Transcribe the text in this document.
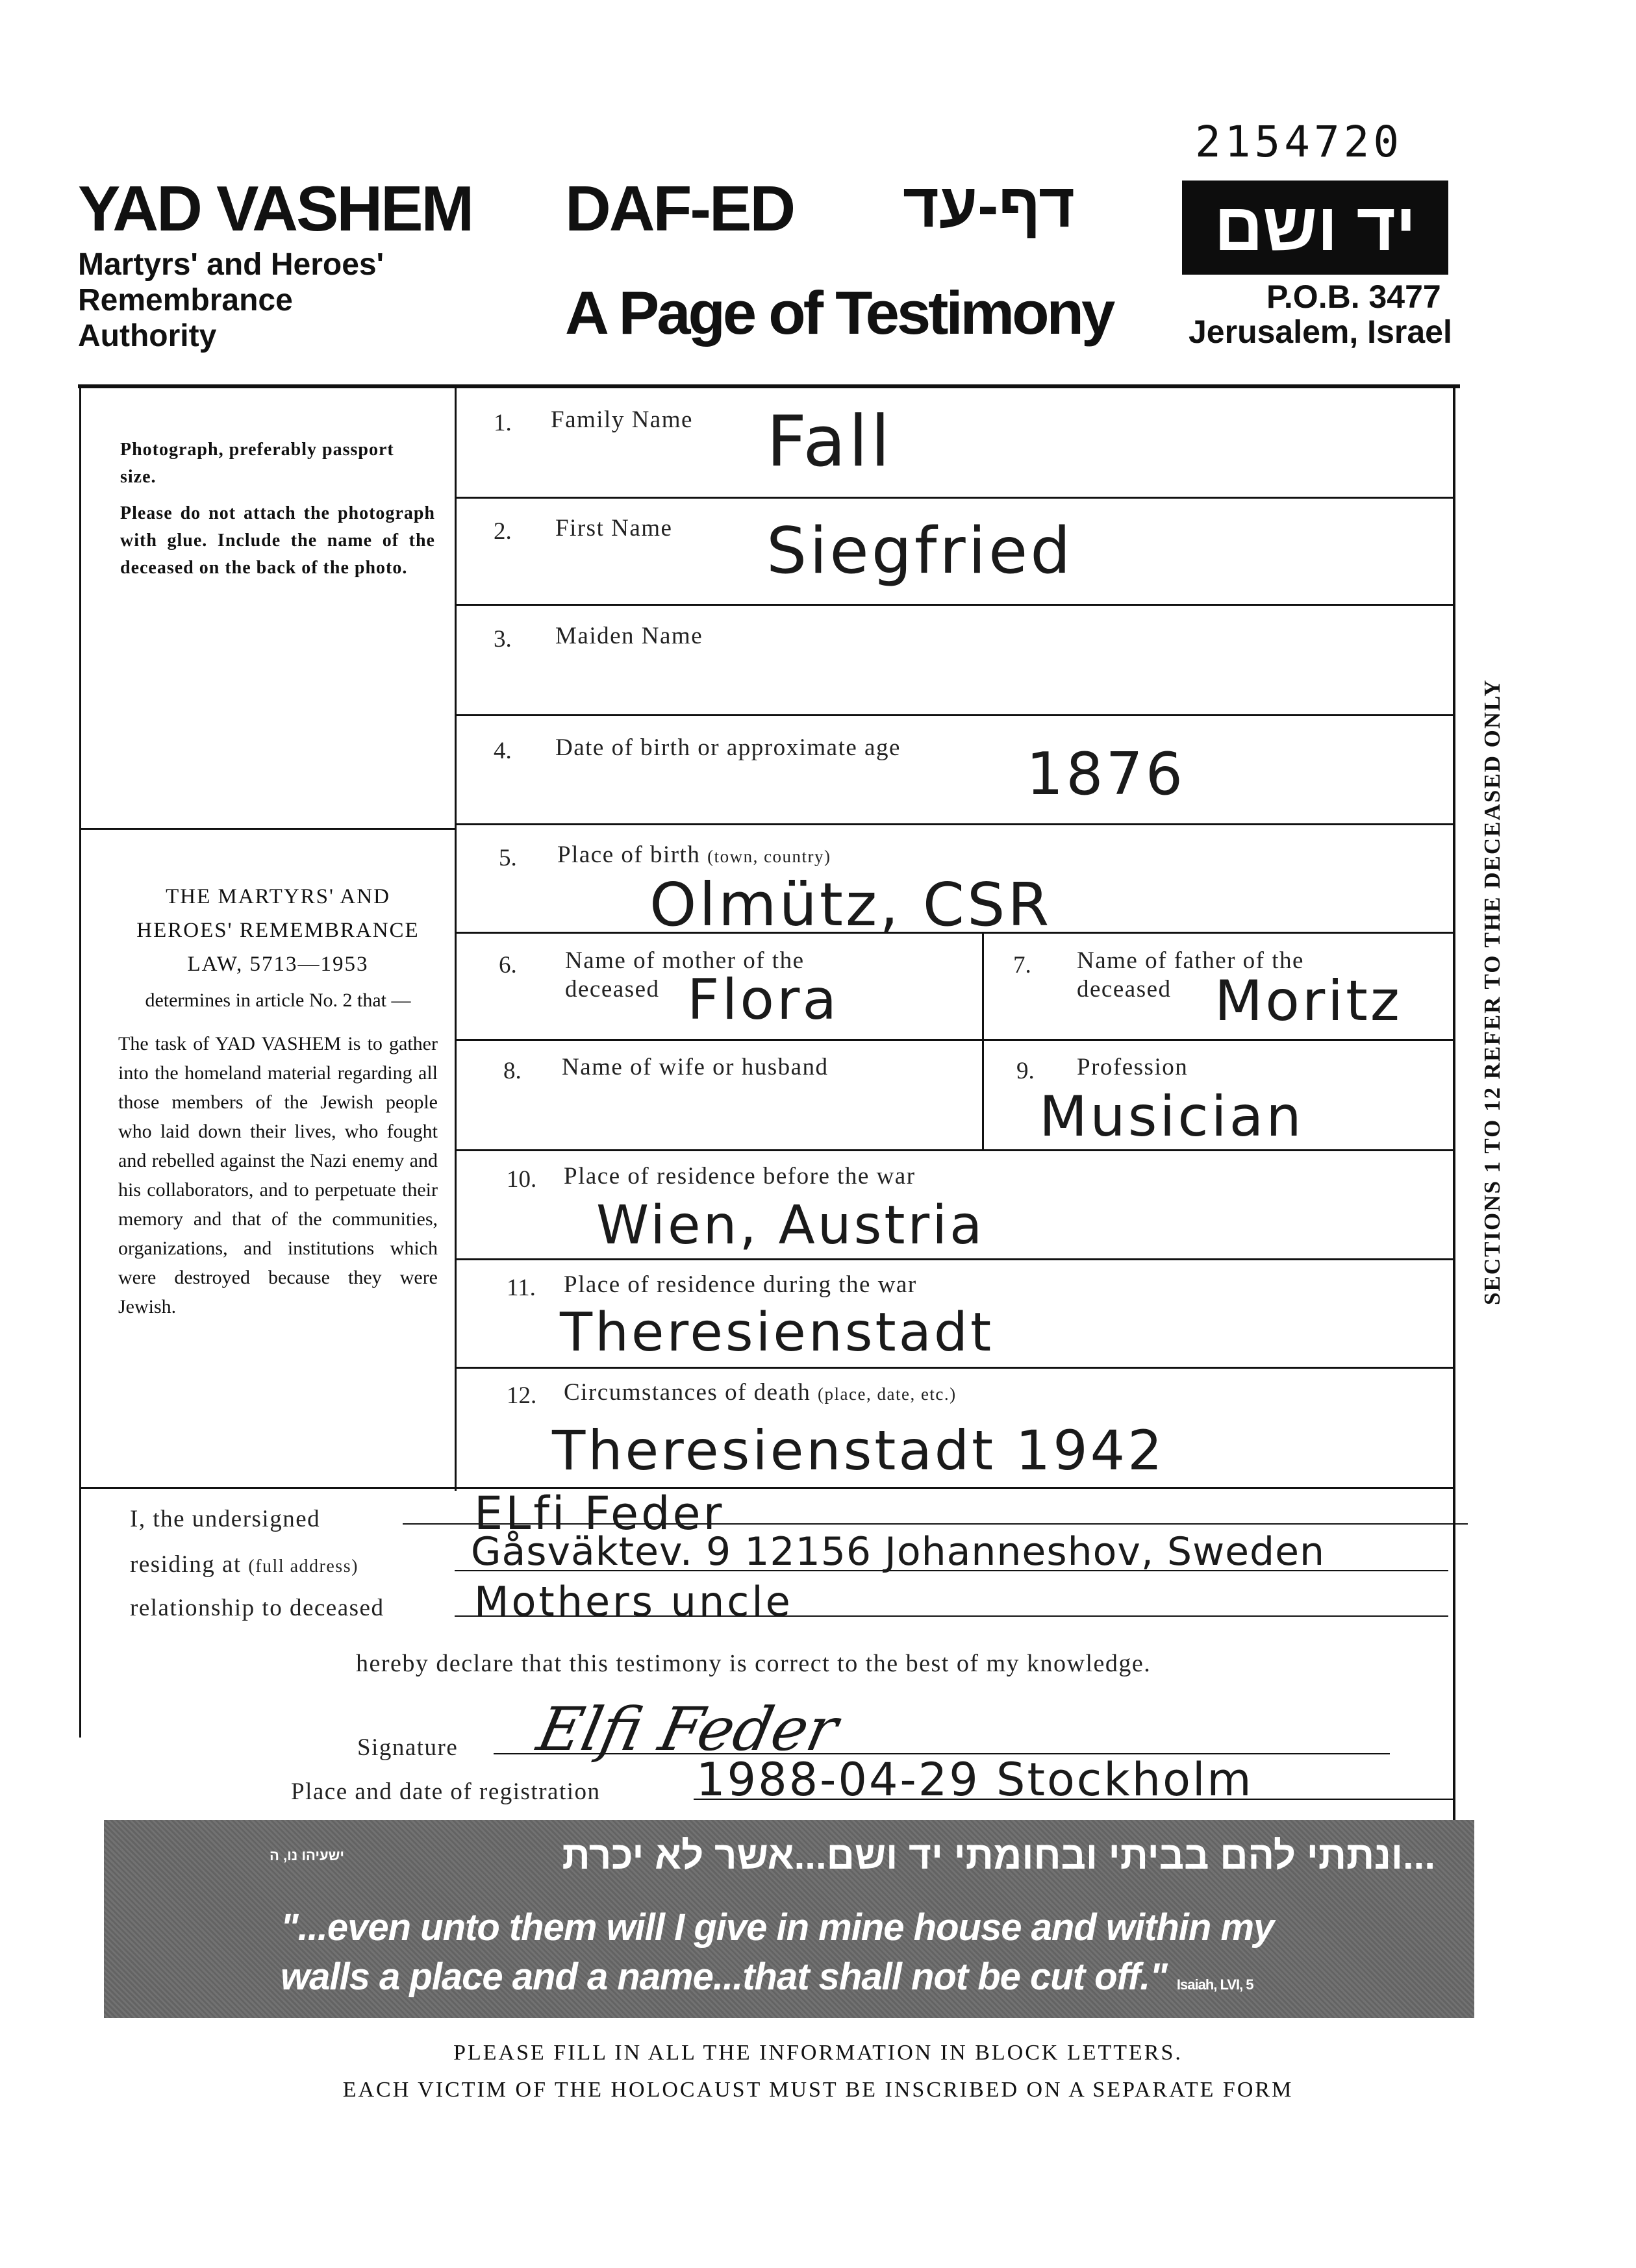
2154720
YAD VASHEM
Martyrs' and Heroes'
Remembrance
Authority
DAF-ED דף-עד
A Page of Testimony
יד ושם
P.O.B. 3477
Jerusalem, Israel

Photograph, preferably passport size.

Please do not attach the photograph with glue. Include the name of the deceased on the back of the photo.

THE MARTYRS' AND HEROES' REMEMBRANCE LAW, 5713—1953
determines in article No. 2 that —
The task of YAD VASHEM is to gather into the homeland material regarding all those members of the Jewish people who laid down their lives, who fought and rebelled against the Nazi enemy and his collaborators, and to perpetuate their memory and that of the communities, organizations, and institutions which were destroyed because they were Jewish.
1. Family Name Fall
2. First Name Siegfried
3. Maiden Name
4. Date of birth or approximate age 1876
5. Place of birth (town, country)
Olmütz, CSR
6. Name of mother of the
deceased Flora
7. Name of father of the
deceased Moritz
8. Name of wife or husband	9. Profession
Musician
10. Place of residence before the war
Wien, Austria
11. Place of residence during the war
Theresienstadt
12. Circumstances of death (place, date, etc.)
Theresienstadt 1942
SECTIONS 1 TO 12 REFER TO THE DECEASED ONLY
I, the undersigned	ELfi Feder
residing at (full address)	Gåsväktev. 9 12156 Johanneshov, Sweden
relationship to deceased Mothers uncle
hereby declare that this testimony is correct to the best of my knowledge.
Signature Elfi Feder
Place and date of registration 1988-04-29 Stockholm
...ונתתי להם בביתי ובחומתי יד ושם...אשר לא יכרת
ישעיהו נו, ה
"...even unto them will I give in mine house and within my
walls a place and a name...that shall not be cut off." Isaiah, LVI, 5
PLEASE FILL IN ALL THE INFORMATION IN BLOCK LETTERS.
EACH VICTIM OF THE HOLOCAUST MUST BE INSCRIBED ON A SEPARATE FORM
